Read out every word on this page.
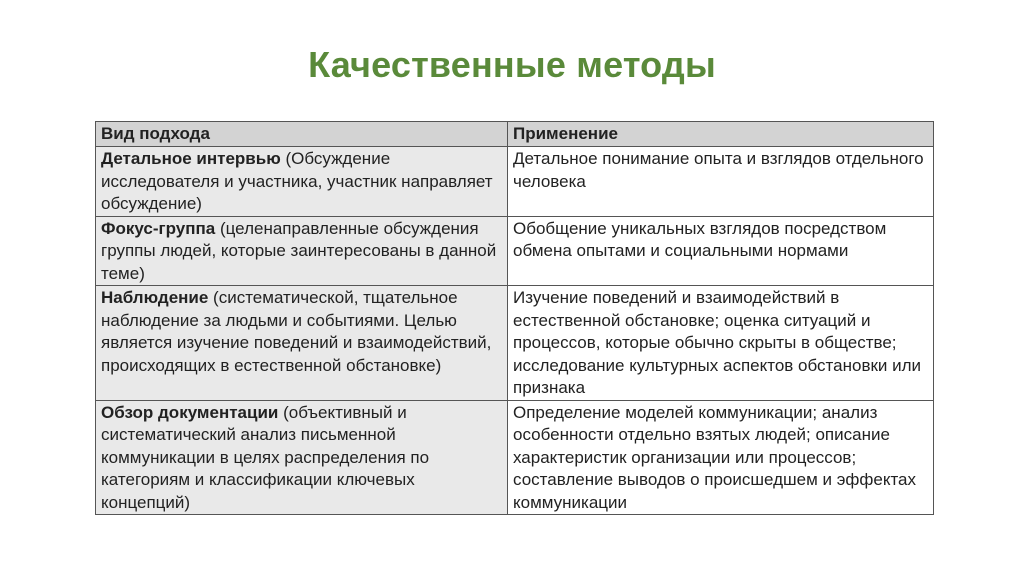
Качественные методы
Вид подхода	Применение
Детальное интервью (Обсуждение исследователя и участника, участник направляет обсуждение)	Детальное понимание опыта и взглядов отдельного человека
Фокус-группа (целенаправленные обсуждения группы людей, которые заинтересованы в данной теме)	Обобщение уникальных взглядов посредством обмена опытами и социальными нормами
Наблюдение (систематической, тщательное наблюдение за людьми и событиями. Целью является изучение поведений и взаимодействий, происходящих в естественной обстановке)	Изучение поведений и взаимодействий в естественной обстановке; оценка ситуаций и процессов, которые обычно скрыты в обществе; исследование культурных аспектов обстановки или признака
Обзор документации (объективный и систематический анализ письменной коммуникации в целях распределения по категориям и классификации ключевых концепций)	Определение моделей коммуникации; анализ особенности отдельно взятых людей; описание характеристик организации или процессов; составление выводов о происшедшем и эффектах коммуникации
